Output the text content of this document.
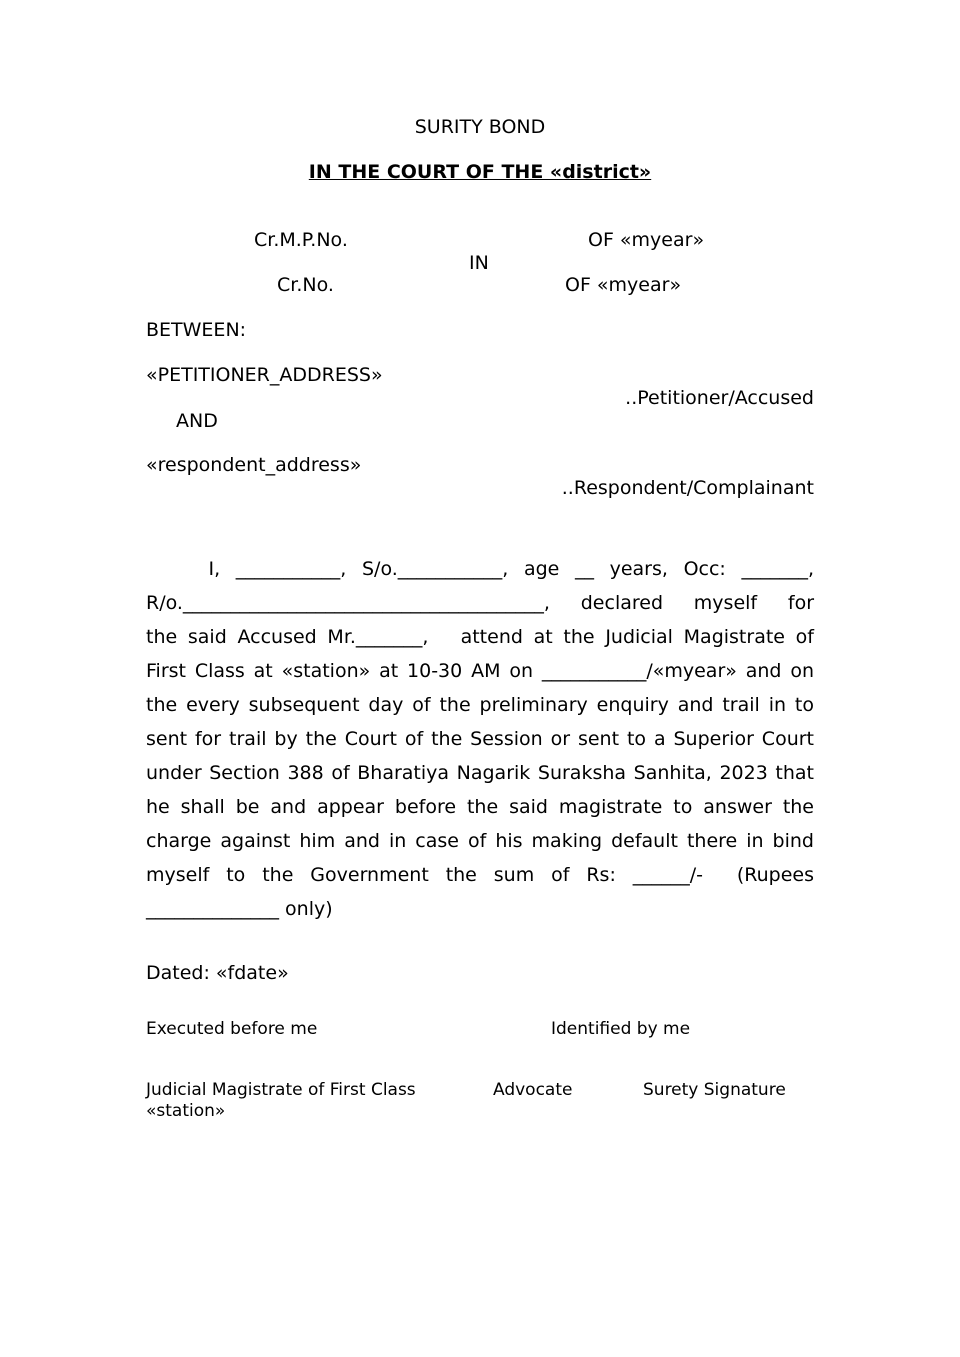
SURITY BOND
IN THE COURT OF THE «district»
Cr.M.P.No.	OF «myear»
IN
Cr.No.	OF «myear»
BETWEEN:
«PETITIONER_ADDRESS»
..Petitioner/Accused
AND
«respondent_address»
..Respondent/Complainant
I,  ___________,  S/o.___________,  age  __  years,  Occ:  _______,
R/o.______________________________________,  declared  myself  for
the said Accused Mr._______,   attend at the Judicial Magistrate of
First Class at «station» at 10-30 AM on ___________/«myear» and on
the every subsequent day of the preliminary enquiry and trail in to
sent for trail by the Court of the Session or sent to a Superior Court
under Section 388 of Bharatiya Nagarik Suraksha Sanhita, 2023 that
he shall be and appear before the said magistrate to answer the
charge against him and in case of his making default there in bind
myself  to  the  Government  the  sum  of  Rs:  ______/-    (Rupees
______________ only)
Dated: «fdate»
Executed before me	Identified by me
Judicial Magistrate of First Class
«station»
Advocate	Surety Signature
